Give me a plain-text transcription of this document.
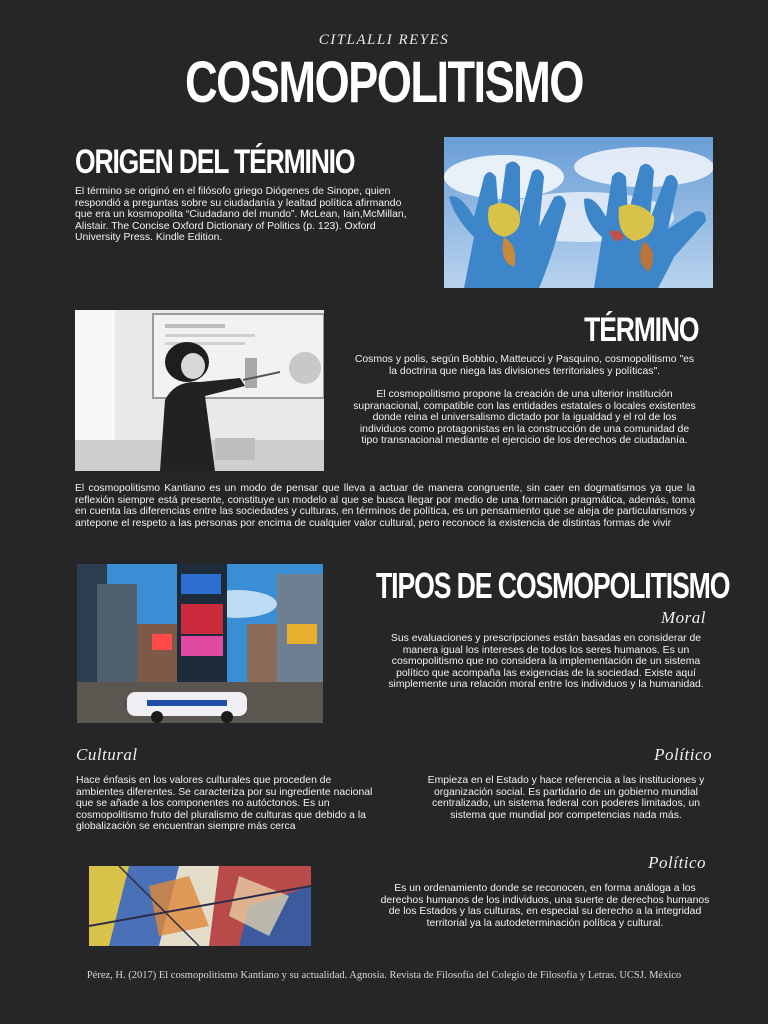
CITLALLI REYES
COSMOPOLITISMO
ORIGEN DEL TÉRMINIO
El término se originó en el filósofo griego Diógenes de Sinope, quien respondió a preguntas sobre su ciudadanía y lealtad política afirmando que era un kosmopolita “Ciudadano del mundo”. McLean, Iain,McMillan, Alistair. The Concise Oxford Dictionary of Politics (p. 123). Oxford University Press. Kindle Edition.
TÉRMINO
Cosmos y polis, según Bobbio, Matteucci y Pasquino, cosmopolitismo "es la doctrina que niega las divisiones territoriales y políticas".
El cosmopolitismo propone la creación de una ulterior institución supranacional, compatible con las entidades estatales o locales existentes donde reina el universalismo dictado por la igualdad y el rol de los individuos como protagonistas en la construcción de una comunidad de tipo transnacional mediante el ejercicio de los derechos de ciudadanía.
El cosmopolitismo Kantiano es un modo de pensar que lleva a actuar de manera congruente, sin caer en dogmatismos ya que la reflexión siempre está presente, constituye un modelo al que se busca llegar por medio de una formación pragmática, además, toma en cuenta las diferencias entre las sociedades y culturas, en términos de política, es un pensamiento que se aleja de particularismos y antepone el respeto a las personas por encima de cualquier valor cultural, pero reconoce la existencia de distintas formas de vivir
TIPOS DE COSMOPOLITISMO
Moral
Sus evaluaciones y prescripciones están basadas en considerar de manera igual los intereses de todos los seres humanos. Es un cosmopolitismo que no considera la implementación de un sistema político que acompaña las exigencias de la sociedad. Existe aquí simplemente una relación moral entre los individuos y la humanidad.
Cultural
Hace énfasis en los valores culturales que proceden de ambientes diferentes. Se caracteriza por su ingrediente nacional que se añade a los componentes no autóctonos. Es un cosmopolitismo fruto del pluralismo de culturas que debido a la globalización se encuentran siempre más cerca
Político
Empieza en el Estado y hace referencia a las instituciones y organización social. Es partidario de un gobierno mundial centralizado, un sistema federal con poderes limitados, un sistema que mundial por competencias nada más.
Político
Es un ordenamiento donde se reconocen, en forma análoga a los derechos humanos de los individuos, una suerte de derechos humanos de los Estados y las culturas, en especial su derecho a la integridad territorial ya la autodeterminación política y cultural.
Pérez, H. (2017) El cosmopolitismo Kantiano y su actualidad. Agnosia. Revista de Filosofía del Colegio de Filosofía y Letras. UCSJ. México
